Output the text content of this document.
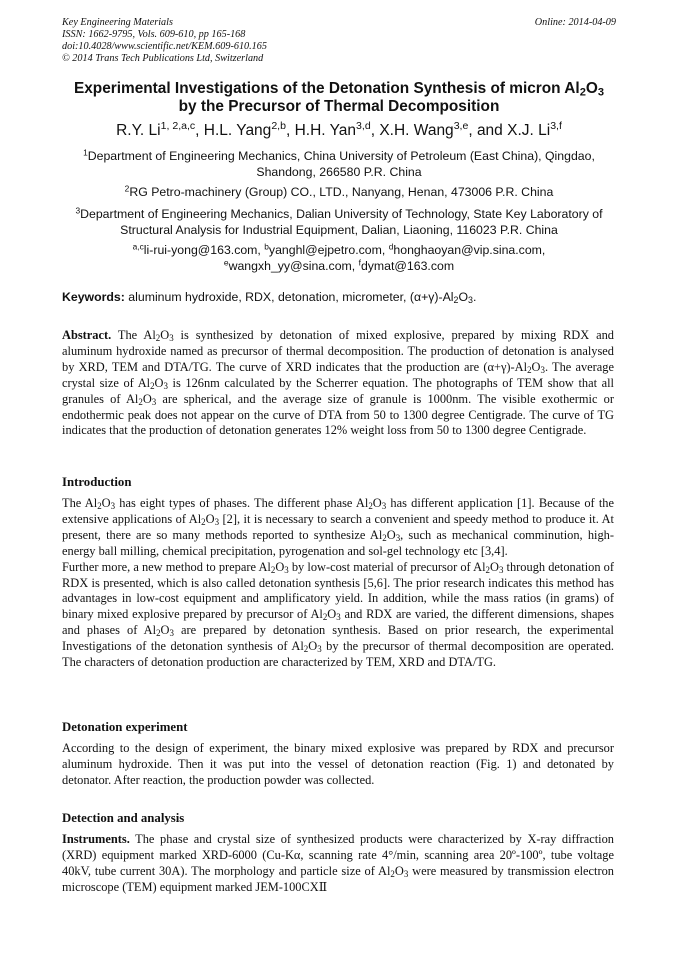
Key Engineering Materials
ISSN: 1662-9795, Vols. 609-610, pp 165-168
doi:10.4028/www.scientific.net/KEM.609-610.165
© 2014 Trans Tech Publications Ltd, Switzerland
Online: 2014-04-09
Experimental Investigations of the Detonation Synthesis of micron $Al_2O_3$
by the Precursor of Thermal Decomposition
R.Y. Li$^{1, 2,a,c}$, H.L. Yang$^{2,b}$, H.H. Yan$^{3,d}$, X.H. Wang$^{3,e}$, and X.J. Li$^{3,f}$
$^1$Department of Engineering Mechanics, China University of Petroleum (East China), Qingdao,
Shandong, 266580 P.R. China
$^2$RG Petro-machinery (Group) CO., LTD., Nanyang, Henan, 473006 P.R. China
$^3$Department of Engineering Mechanics, Dalian University of Technology, State Key Laboratory of
Structural Analysis for Industrial Equipment, Dalian, Liaoning, 116023 P.R. China
$^{a,c}$li-rui-yong@163.com, $^b$yanghl@ejpetro.com, $^d$honghaoyan@vip.sina.com,
$^e$wangxh_yy@sina.com, $^f$dymat@163.com
Keywords: aluminum hydroxide, RDX, detonation, micrometer, $(\alpha+\gamma)-Al_2O_3$.

Abstract. The $Al_2O_3$ is synthesized by detonation of mixed explosive, prepared by mixing RDX and aluminum hydroxide named as precursor of thermal decomposition. The production of detonation is analysed by XRD, TEM and DTA/TG. The curve of XRD indicates that the production are $(\alpha+\gamma)-Al_2O_3$. The average crystal size of $Al_2O_3$ is 126nm calculated by the Scherrer equation. The photographs of TEM show that all granules of $Al_2O_3$ are spherical, and the average size of granule is 1000nm. The visible exothermic or endothermic peak does not appear on the curve of DTA from 50 to 1300 degree Centigrade. The curve of TG indicates that the production of detonation generates 12% weight loss from 50 to 1300 degree Centigrade.

Introduction

The $Al_2O_3$ has eight types of phases. The different phase $Al_2O_3$ has different application [1]. Because of the extensive applications of $Al_2O_3$ [2], it is necessary to search a convenient and speedy method to produce it. At present, there are so many methods reported to synthesize $Al_2O_3$, such as mechanical comminution, high-energy ball milling, chemical precipitation, pyrogenation and sol-gel technology etc [3,4].

Further more, a new method to prepare $Al_2O_3$ by low-cost material of precursor of $Al_2O_3$ through detonation of RDX is presented, which is also called detonation synthesis [5,6]. The prior research indicates this method has advantages in low-cost equipment and amplificatory yield. In addition, while the mass ratios (in grams) of binary mixed explosive prepared by precursor of $Al_2O_3$ and RDX are varied, the different dimensions, shapes and phases of $Al_2O_3$ are prepared by detonation synthesis. Based on prior research, the experimental Investigations of the detonation synthesis of $Al_2O_3$ by the precursor of thermal decomposition are operated. The characters of detonation production are characterized by TEM, XRD and DTA/TG.

Detonation experiment

According to the design of experiment, the binary mixed explosive was prepared by RDX and precursor aluminum hydroxide. Then it was put into the vessel of detonation reaction (Fig. 1) and detonated by detonator. After reaction, the production powder was collected.

Detection and analysis

Instruments. The phase and crystal size of synthesized products were characterized by X-ray diffraction (XRD) equipment marked XRD-6000 (Cu-Kα, scanning rate 4°/min, scanning area 20º-100º, tube voltage 40kV, tube current 30A). The morphology and particle size of $Al_2O_3$ were measured by transmission electron microscope (TEM) equipment marked JEM-100CXⅡ
